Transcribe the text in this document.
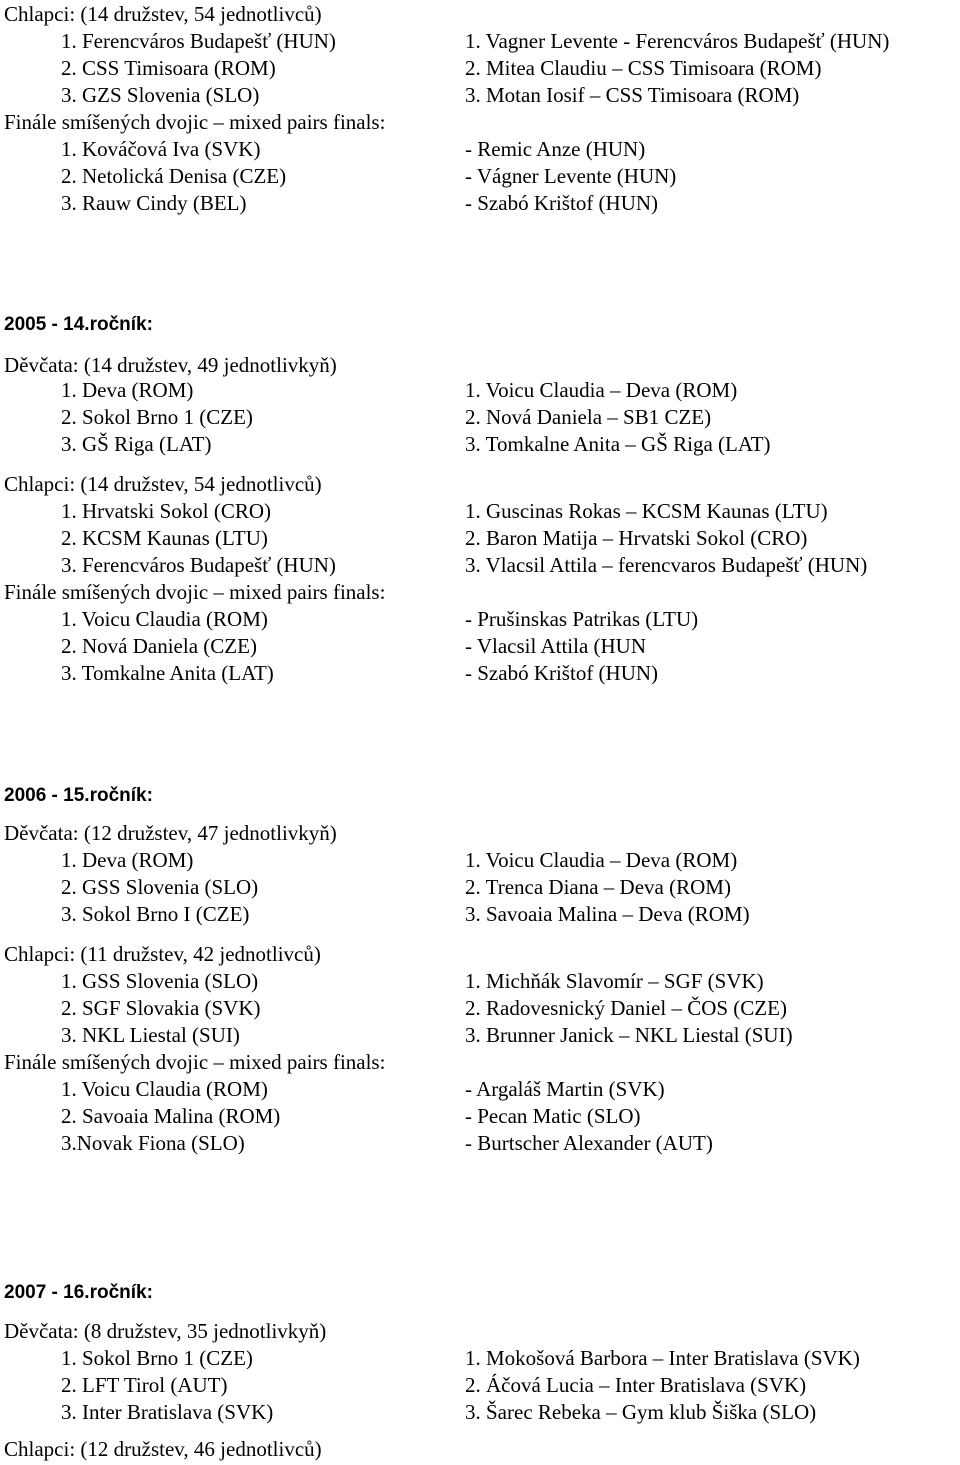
Chlapci: (14 družstev, 54 jednotlivců)
1. Ferencváros Budapešť (HUN)	1. Vagner Levente - Ferencváros Budapešť (HUN)
2. CSS Timisoara (ROM)	2. Mitea Claudiu – CSS Timisoara (ROM)
3. GZS Slovenia (SLO)	3. Motan Iosif – CSS Timisoara (ROM)
Finále smíšených dvojic – mixed pairs finals:
1. Kováčová Iva (SVK)	- Remic Anze (HUN)
2. Netolická Denisa (CZE)	- Vágner Levente (HUN)
3. Rauw Cindy (BEL)	- Szabó Krištof (HUN)
2005 - 14.ročník:
Děvčata: (14 družstev, 49 jednotlivkyň)
1. Deva (ROM)	1. Voicu Claudia – Deva (ROM)
2. Sokol Brno 1 (CZE)	2. Nová Daniela – SB1 CZE)
3. GŠ Riga (LAT)	3. Tomkalne Anita – GŠ Riga (LAT)
Chlapci: (14 družstev, 54 jednotlivců)
1. Hrvatski Sokol (CRO)	1. Guscinas Rokas – KCSM Kaunas (LTU)
2. KCSM Kaunas (LTU)	2. Baron Matija – Hrvatski Sokol (CRO)
3. Ferencváros Budapešť (HUN)	3. Vlacsil Attila – ferencvaros Budapešť (HUN)
Finále smíšených dvojic – mixed pairs finals:
1. Voicu Claudia (ROM)	- Prušinskas Patrikas (LTU)
2. Nová Daniela (CZE)	- Vlacsil Attila (HUN
3. Tomkalne Anita (LAT)	- Szabó Krištof (HUN)
2006 - 15.ročník:
Děvčata: (12 družstev, 47 jednotlivkyň)
1. Deva (ROM)	1. Voicu Claudia – Deva (ROM)
2. GSS Slovenia (SLO)	2. Trenca Diana – Deva (ROM)
3. Sokol Brno I (CZE)	3. Savoaia Malina – Deva (ROM)
Chlapci: (11 družstev, 42 jednotlivců)
1. GSS Slovenia (SLO)	1. Michňák Slavomír – SGF (SVK)
2. SGF Slovakia (SVK)	2. Radovesnický Daniel – ČOS (CZE)
3. NKL Liestal (SUI)	3. Brunner Janick – NKL Liestal (SUI)
Finále smíšených dvojic – mixed pairs finals:
1. Voicu Claudia (ROM)	- Argaláš Martin (SVK)
2. Savoaia Malina (ROM)	- Pecan Matic (SLO)
3.Novak Fiona (SLO)	- Burtscher Alexander (AUT)
2007 - 16.ročník:
Děvčata: (8 družstev, 35 jednotlivkyň)
1. Sokol Brno 1 (CZE)	1. Mokošová Barbora – Inter Bratislava (SVK)
2. LFT Tirol (AUT)	2. Áčová Lucia – Inter Bratislava (SVK)
3. Inter Bratislava (SVK)	3. Šarec Rebeka – Gym klub Šiška (SLO)
Chlapci: (12 družstev, 46 jednotlivců)
